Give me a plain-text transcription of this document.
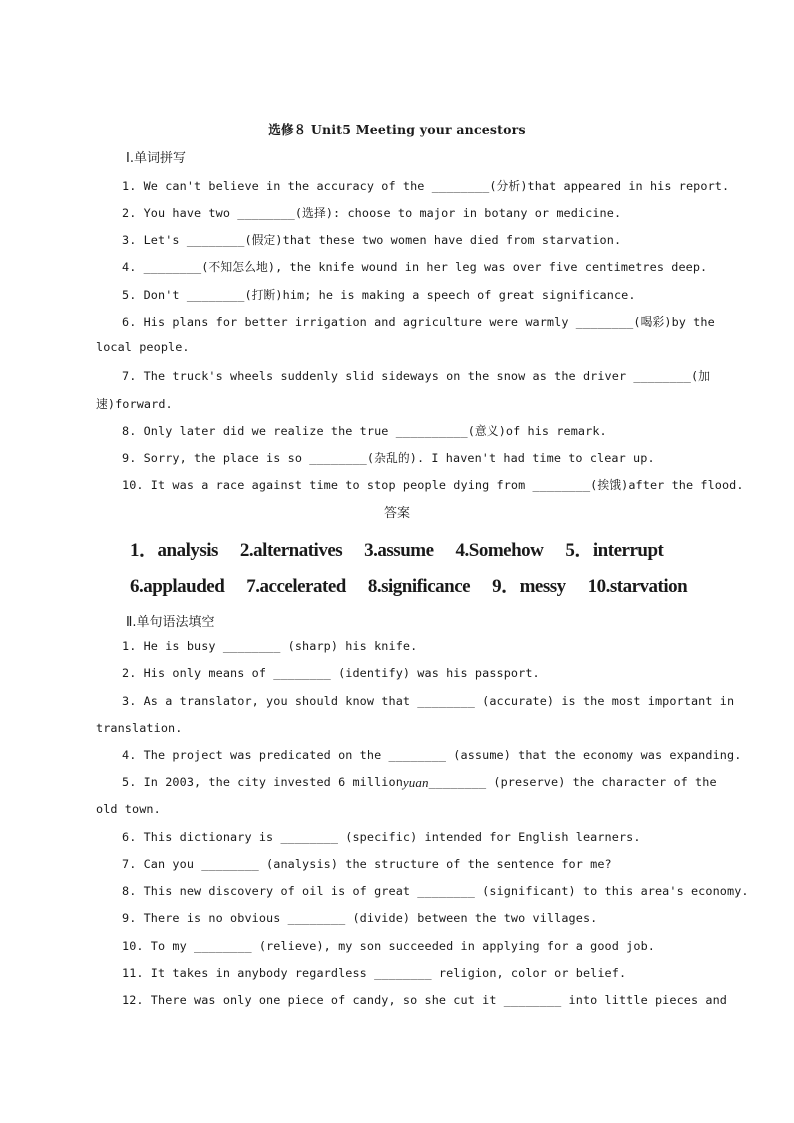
选修８ Unit5 Meeting your ancestors
Ⅰ.单词拼写
1. We can't believe in the accuracy of the ________(分析)that appeared in his report.
2. You have two ________(选择): choose to major in botany or medicine.
3. Let's ________(假定)that these two women have died from starvation.
4. ________(不知怎么地), the knife wound in her leg was over five centimetres deep.
5. Don't ________(打断)him; he is making a speech of great significance.
6. His plans for better irrigation and agriculture were warmly ________(喝彩)by the
local people.
7. The truck's wheels suddenly slid sideways on the snow as the driver ________(加
速)forward.
8. Only later did we realize the true __________(意义)of his remark.
9. Sorry, the place is so ________(杂乱的). I haven't had time to clear up.
10. It was a race against time to stop people dying from ________(挨饿)after the flood.
答案
1．analysis 2.alternatives 3.assume 4.Somehow 5．interrupt
6.applauded 7.accelerated 8.significance 9．messy 10.starvation
Ⅱ.单句语法填空
1. He is busy ________ (sharp) his knife.
2. His only means of ________ (identify) was his passport.
3. As a translator, you should know that ________ (accurate) is the most important in
translation.
4. The project was predicated on the ________ (assume) that the economy was expanding.
5. In 2003, the city invested 6 million yuan ________ (preserve) the character of the
old town.
6. This dictionary is ________ (specific) intended for English learners.
7. Can you ________ (analysis) the structure of the sentence for me?
8. This new discovery of oil is of great ________ (significant) to this area's economy.
9. There is no obvious ________ (divide) between the two villages.
10. To my ________ (relieve), my son succeeded in applying for a good job.
11. It takes in anybody regardless ________ religion, color or belief.
12. There was only one piece of candy, so she cut it ________ into little pieces and
